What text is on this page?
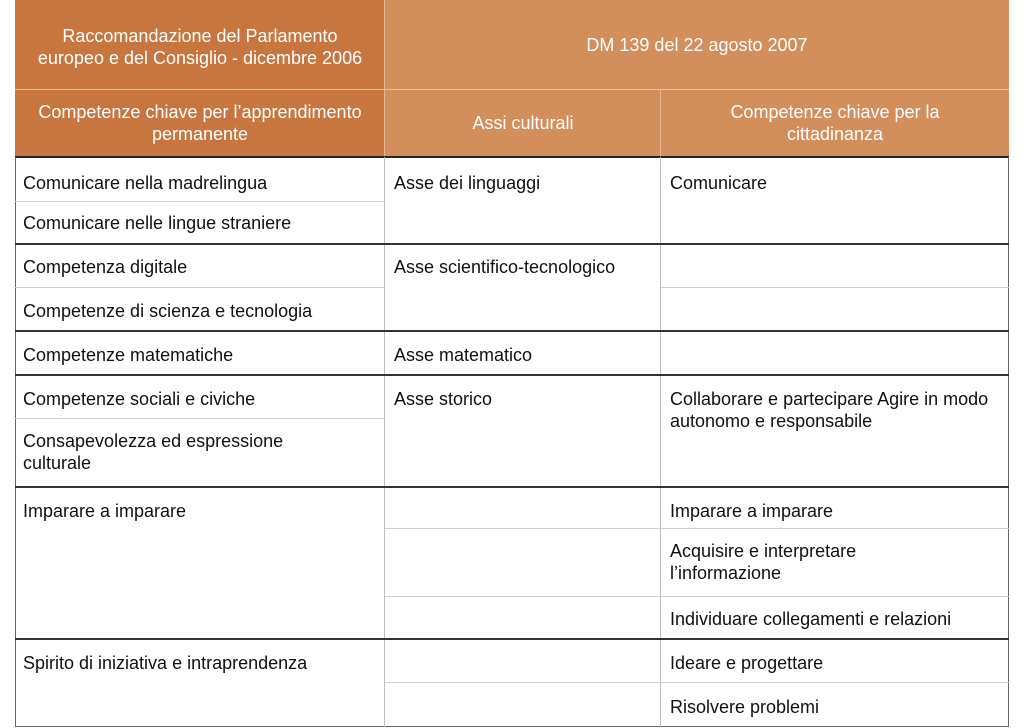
Raccomandazione del Parlamento europeo e del Consiglio - dicembre 2006
DM 139 del 22 agosto 2007
Competenze chiave per l’apprendimento permanente
Assi culturali
Competenze chiave per la cittadinanza
Comunicare nella madrelingua
Comunicare nelle lingue straniere
Competenza digitale
Competenze di scienza e tecnologia
Competenze matematiche
Competenze sociali e civiche
Consapevolezza ed espressione culturale
Imparare a imparare
Spirito di iniziativa e intraprendenza
Asse dei linguaggi
Asse scientifico-tecnologico
Asse matematico
Asse storico
Comunicare
Collaborare e partecipare Agire in modo autonomo e responsabile
Imparare a imparare
Acquisire e interpretare l’informazione
Individuare collegamenti e relazioni
Ideare e progettare
Risolvere problemi
